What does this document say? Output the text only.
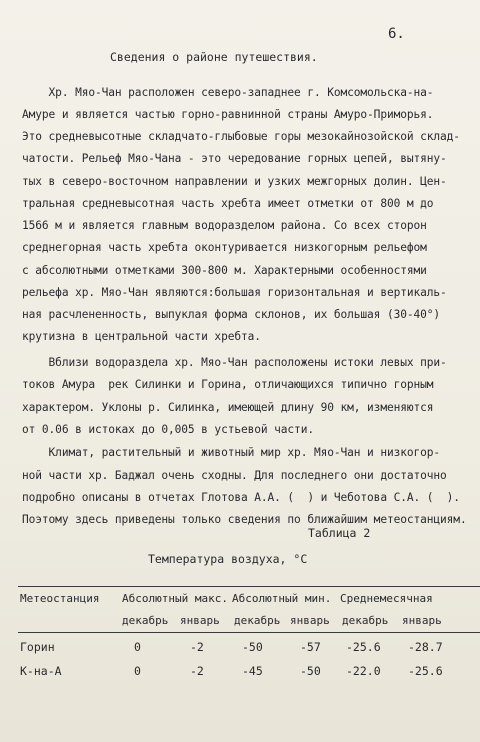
6.
Сведения о районе путешествия.
Хр. Мяо-Чан расположен северо-западнее г. Комсомольска-на-
Амуре и является частью горно-равнинной страны Амуро-Приморья.
Это средневысотные складчато-глыбовые горы мезокайнозойской склад-
чатости. Рельеф Мяо-Чана - это чередование горных цепей, вытяну-
тых в северо-восточном направлении и узких межгорных долин. Цен-
тральная средневысотная часть хребта имеет отметки от 800 м до
1566 м и является главным водоразделом района. Со всех сторон
среднегорная часть хребта оконтуривается низкогорным рельефом
с абсолютными отметками 300-800 м. Характерными особенностями
рельефа хр. Мяо-Чан являются:большая горизонтальная и вертикаль-
ная расчлененность, выпуклая форма склонов, их большая (30-40°)
крутизна в центральной части хребта.
Вблизи водораздела хр. Мяо-Чан расположены истоки левых при-
токов Амура  рек Силинки и Горина, отличающихся типично горным
характером. Уклоны р. Силинка, имеющей длину 90 км, изменяются
от 0.06 в истоках до 0,005 в устьевой части.
Климат, растительный и животный мир хр. Мяо-Чан и низкогор-
ной части хр. Баджал очень сходны. Для последнего они достаточно
подробно описаны в отчетах Глотова А.А. (  ) и Чеботова С.А. (  ).
Поэтому здесь приведены только сведения по ближайшим метеостанциям.
Таблица 2
Температура воздуха, °С
Метеостанция Абсолютный макс. Абсолютный мин. Среднемесячная
декабрь январь декабрь январь декабрь январь
Горин	0	-2	-50	-57 -25.6 -28.7
К-на-А	0	-2	-45	-50 -22.0 -25.6
